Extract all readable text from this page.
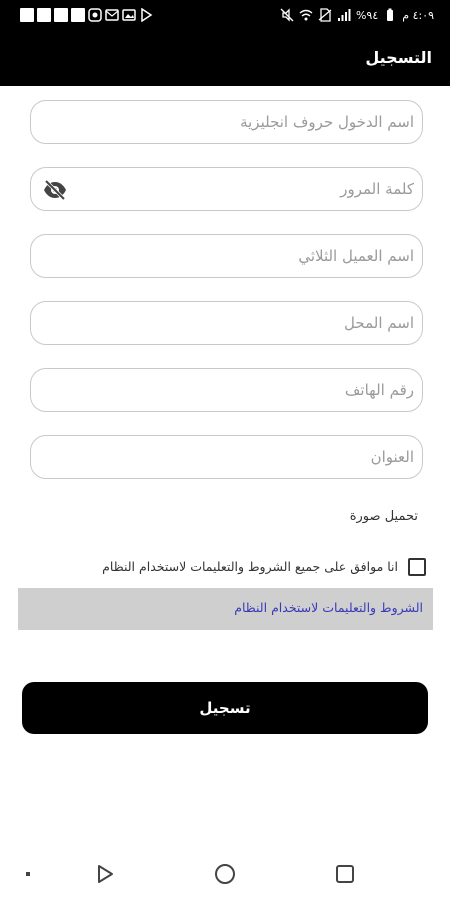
%٩٤ ٤:٠٩ م
التسجيل
اسم الدخول حروف انجليزية
اسم العميل الثلاثي
اسم المحل
رقم الهاتف
العنوان
تحميل صورة
انا موافق على جميع الشروط والتعليمات لاستخدام النظام
الشروط والتعليمات لاستخدام النظام
تسجيل
